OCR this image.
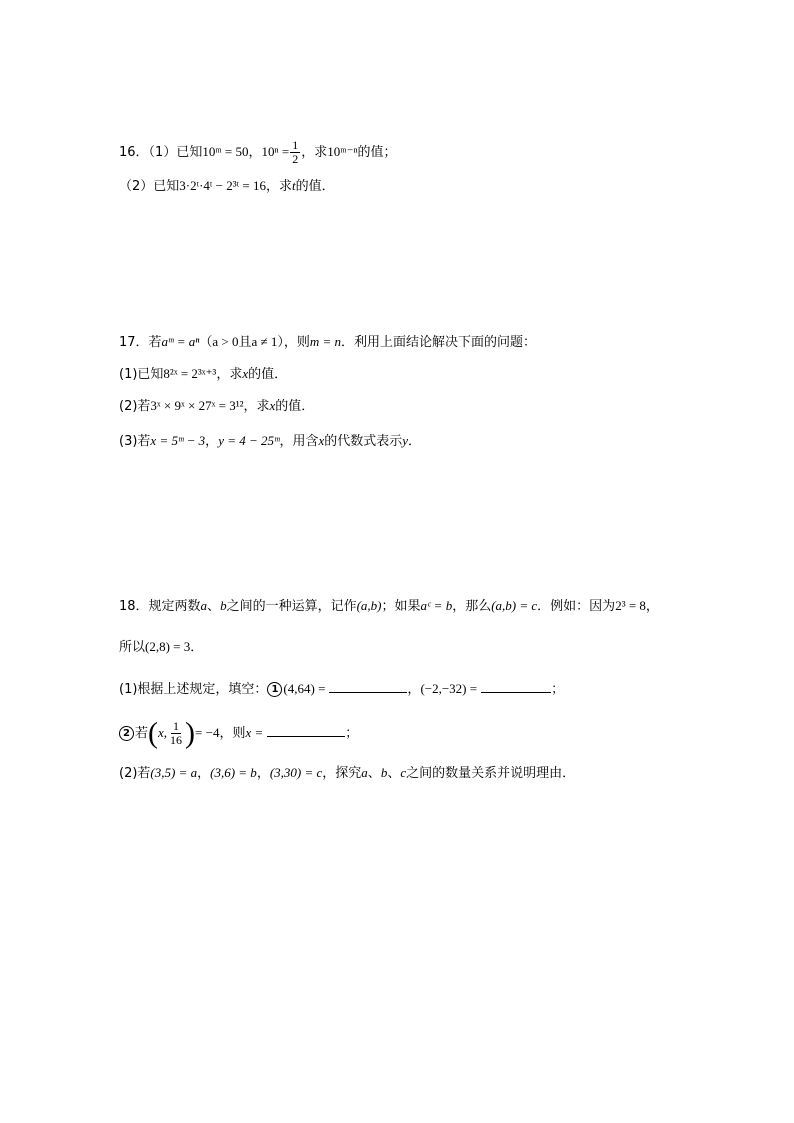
16．（1）已知10ᵐ = 50，$10^n = \frac{1}{2}$ ，求10ᵐ⁻ⁿ的值；
（2）已知3·2ᵗ·4ᵗ − 2³ᵗ = 16，求t的值．
17．若aᵐ = aⁿ（a > 0且a ≠ 1），则m = n．利用上面结论解决下面的问题：
(1)已知8²ˣ = 2³ˣ⁺³，求x的值．
(2)若3ˣ × 9ˣ × 27ˣ = 3¹²，求x的值．
(3)若x = 5ᵐ − 3，y = 4 − 25ᵐ，用含x的代数式表示y．
18．规定两数a、b之间的一种运算，记作(a,b)；如果aᶜ = b，那么(a,b) = c．例如：因为2³ = 8，
所以(2,8) = 3．
(1)根据上述规定，填空： 1 (4,64) =	，(−2,−32) =	；
2 若(x, $\frac{1}{16}$ )= −4，则x =	；
(2)若(3,5) = a，(3,6) = b，(3,30) = c，探究a、b、c之间的数量关系并说明理由．
